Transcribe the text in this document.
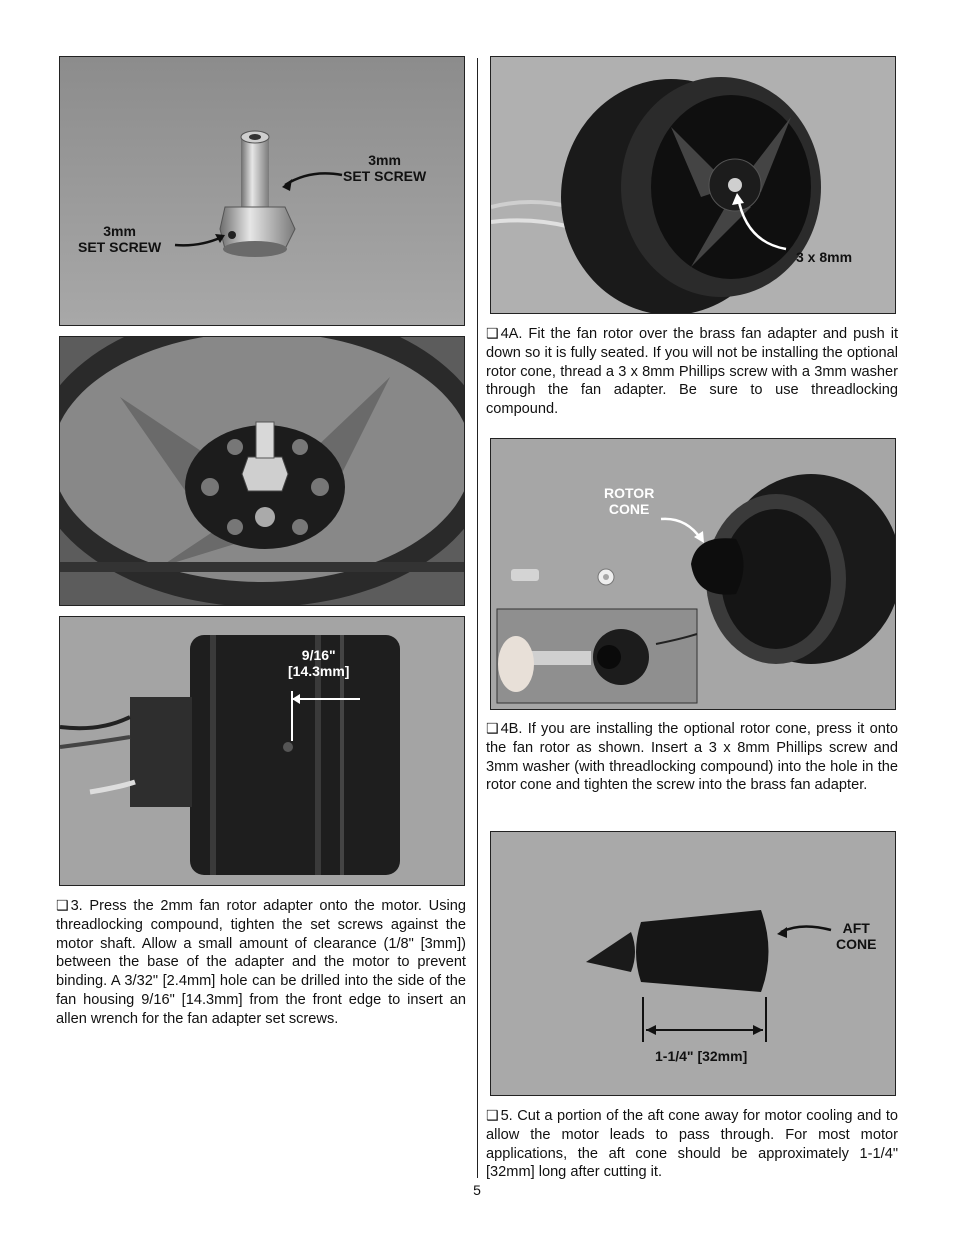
3mm
SET SCREW
3mm
SET SCREW
9/16"
[14.3mm]

❑ 3. Press the 2mm fan rotor adapter onto the motor. Using threadlocking compound, tighten the set screws against the motor shaft. Allow a small amount of clearance (1/8" [3mm]) between the base of the adapter and the motor to prevent binding. A 3/32" [2.4mm] hole can be drilled into the side of the fan housing 9/16" [14.3mm] from the front edge to insert an allen wrench for the fan adapter set screws.

3 x 8mm

❑ 4A. Fit the fan rotor over the brass fan adapter and push it down so it is fully seated. If you will not be installing the optional rotor cone, thread a 3 x 8mm Phillips screw with a 3mm washer through the fan adapter. Be sure to use threadlocking compound.

ROTOR
CONE

❑ 4B. If you are installing the optional rotor cone, press it onto the fan rotor as shown. Insert a 3 x 8mm Phillips screw and 3mm washer (with threadlocking compound) into the hole in the rotor cone and tighten the screw into the brass fan adapter.

AFT
CONE
1-1/4" [32mm]

❑ 5. Cut a portion of the aft cone away for motor cooling and to allow the motor leads to pass through. For most motor applications, the aft cone should be approximately 1-1/4" [32mm] long after cutting it.

5
